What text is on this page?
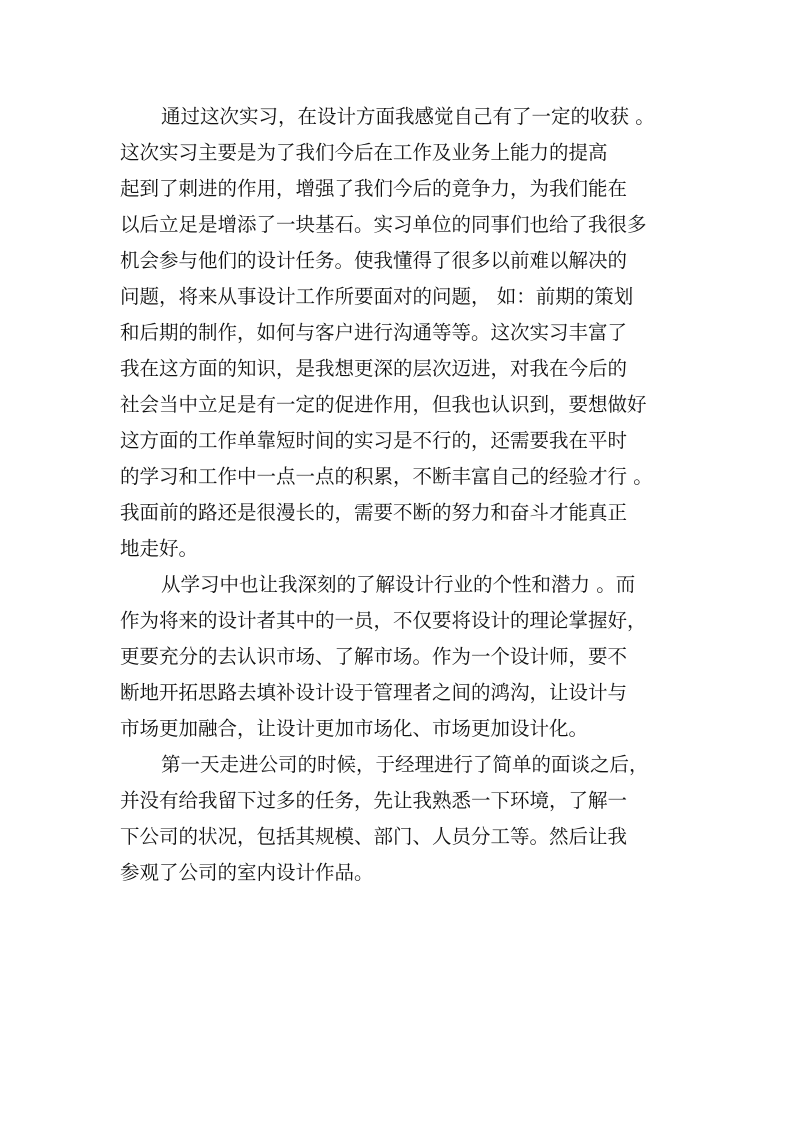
通过这次实习，在设计方面我感觉自己有了一定的收获 。
这次实习主要是为了我们今后在工作及业务上能力的提高
起到了刺进的作用，增强了我们今后的竟争力，为我们能在
以后立足是增添了一块基石。实习单位的同事们也给了我很多
机会参与他们的设计任务。使我懂得了很多以前难以解决的
问题，将来从事设计工作所要面对的问题， 如：前期的策划
和后期的制作，如何与客户进行沟通等等。这次实习丰富了
我在这方面的知识，是我想更深的层次迈进，对我在今后的
社会当中立足是有一定的促进作用，但我也认识到，要想做好
这方面的工作单靠短时间的实习是不行的，还需要我在平时
的学习和工作中一点一点的积累，不断丰富自己的经验才行 。
我面前的路还是很漫长的，需要不断的努力和奋斗才能真正
地走好。
从学习中也让我深刻的了解设计行业的个性和潜力 。而
作为将来的设计者其中的一员，不仅要将设计的理论掌握好，
更要充分的去认识市场、了解市场。作为一个设计师，要不
断地开拓思路去填补设计设于管理者之间的鸿沟，让设计与
市场更加融合，让设计更加市场化、市场更加设计化。
第一天走进公司的时候，于经理进行了简单的面谈之后，
并没有给我留下过多的任务，先让我熟悉一下环境，了解一
下公司的状况，包括其规模、部门、人员分工等。然后让我
参观了公司的室内设计作品。
